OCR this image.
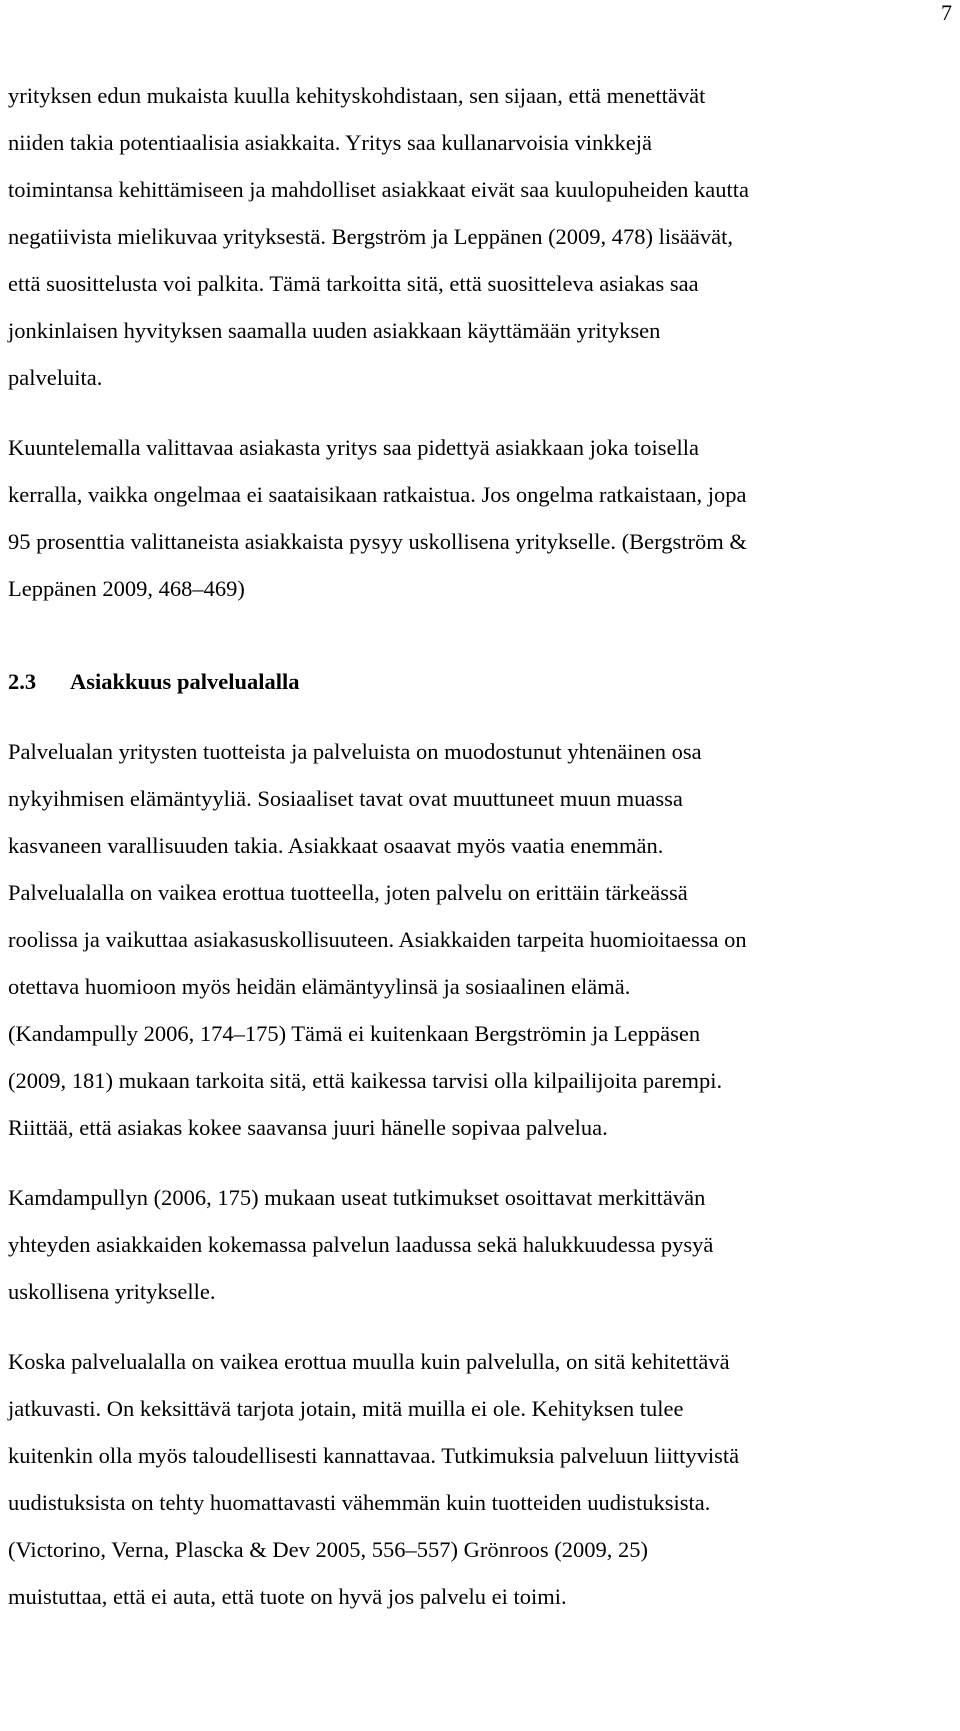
7

yrityksen edun mukaista kuulla kehityskohdistaan, sen sijaan, että menettävät
niiden takia potentiaalisia asiakkaita. Yritys saa kullanarvoisia vinkkejä
toimintansa kehittämiseen ja mahdolliset asiakkaat eivät saa kuulopuheiden kautta
negatiivista mielikuvaa yrityksestä. Bergström ja Leppänen (2009, 478) lisäävät,
että suosittelusta voi palkita. Tämä tarkoitta sitä, että suositteleva asiakas saa
jonkinlaisen hyvityksen saamalla uuden asiakkaan käyttämään yrityksen
palveluita.

Kuuntelemalla valittavaa asiakasta yritys saa pidettyä asiakkaan joka toisella
kerralla, vaikka ongelmaa ei saataisikaan ratkaistua. Jos ongelma ratkaistaan, jopa
95 prosenttia valittaneista asiakkaista pysyy uskollisena yritykselle. (Bergström &
Leppänen 2009, 468–469)

2.3 Asiakkuus palvelualalla

Palvelualan yritysten tuotteista ja palveluista on muodostunut yhtenäinen osa
nykyihmisen elämäntyyliä. Sosiaaliset tavat ovat muuttuneet muun muassa
kasvaneen varallisuuden takia. Asiakkaat osaavat myös vaatia enemmän.
Palvelualalla on vaikea erottua tuotteella, joten palvelu on erittäin tärkeässä
roolissa ja vaikuttaa asiakasuskollisuuteen. Asiakkaiden tarpeita huomioitaessa on
otettava huomioon myös heidän elämäntyylinsä ja sosiaalinen elämä.
(Kandampully 2006, 174–175) Tämä ei kuitenkaan Bergströmin ja Leppäsen
(2009, 181) mukaan tarkoita sitä, että kaikessa tarvisi olla kilpailijoita parempi.
Riittää, että asiakas kokee saavansa juuri hänelle sopivaa palvelua.

Kamdampullyn (2006, 175) mukaan useat tutkimukset osoittavat merkittävän
yhteyden asiakkaiden kokemassa palvelun laadussa sekä halukkuudessa pysyä
uskollisena yritykselle.

Koska palvelualalla on vaikea erottua muulla kuin palvelulla, on sitä kehitettävä
jatkuvasti. On keksittävä tarjota jotain, mitä muilla ei ole. Kehityksen tulee
kuitenkin olla myös taloudellisesti kannattavaa. Tutkimuksia palveluun liittyvistä
uudistuksista on tehty huomattavasti vähemmän kuin tuotteiden uudistuksista.
(Victorino, Verna, Plascka & Dev 2005, 556–557) Grönroos (2009, 25)
muistuttaa, että ei auta, että tuote on hyvä jos palvelu ei toimi.
